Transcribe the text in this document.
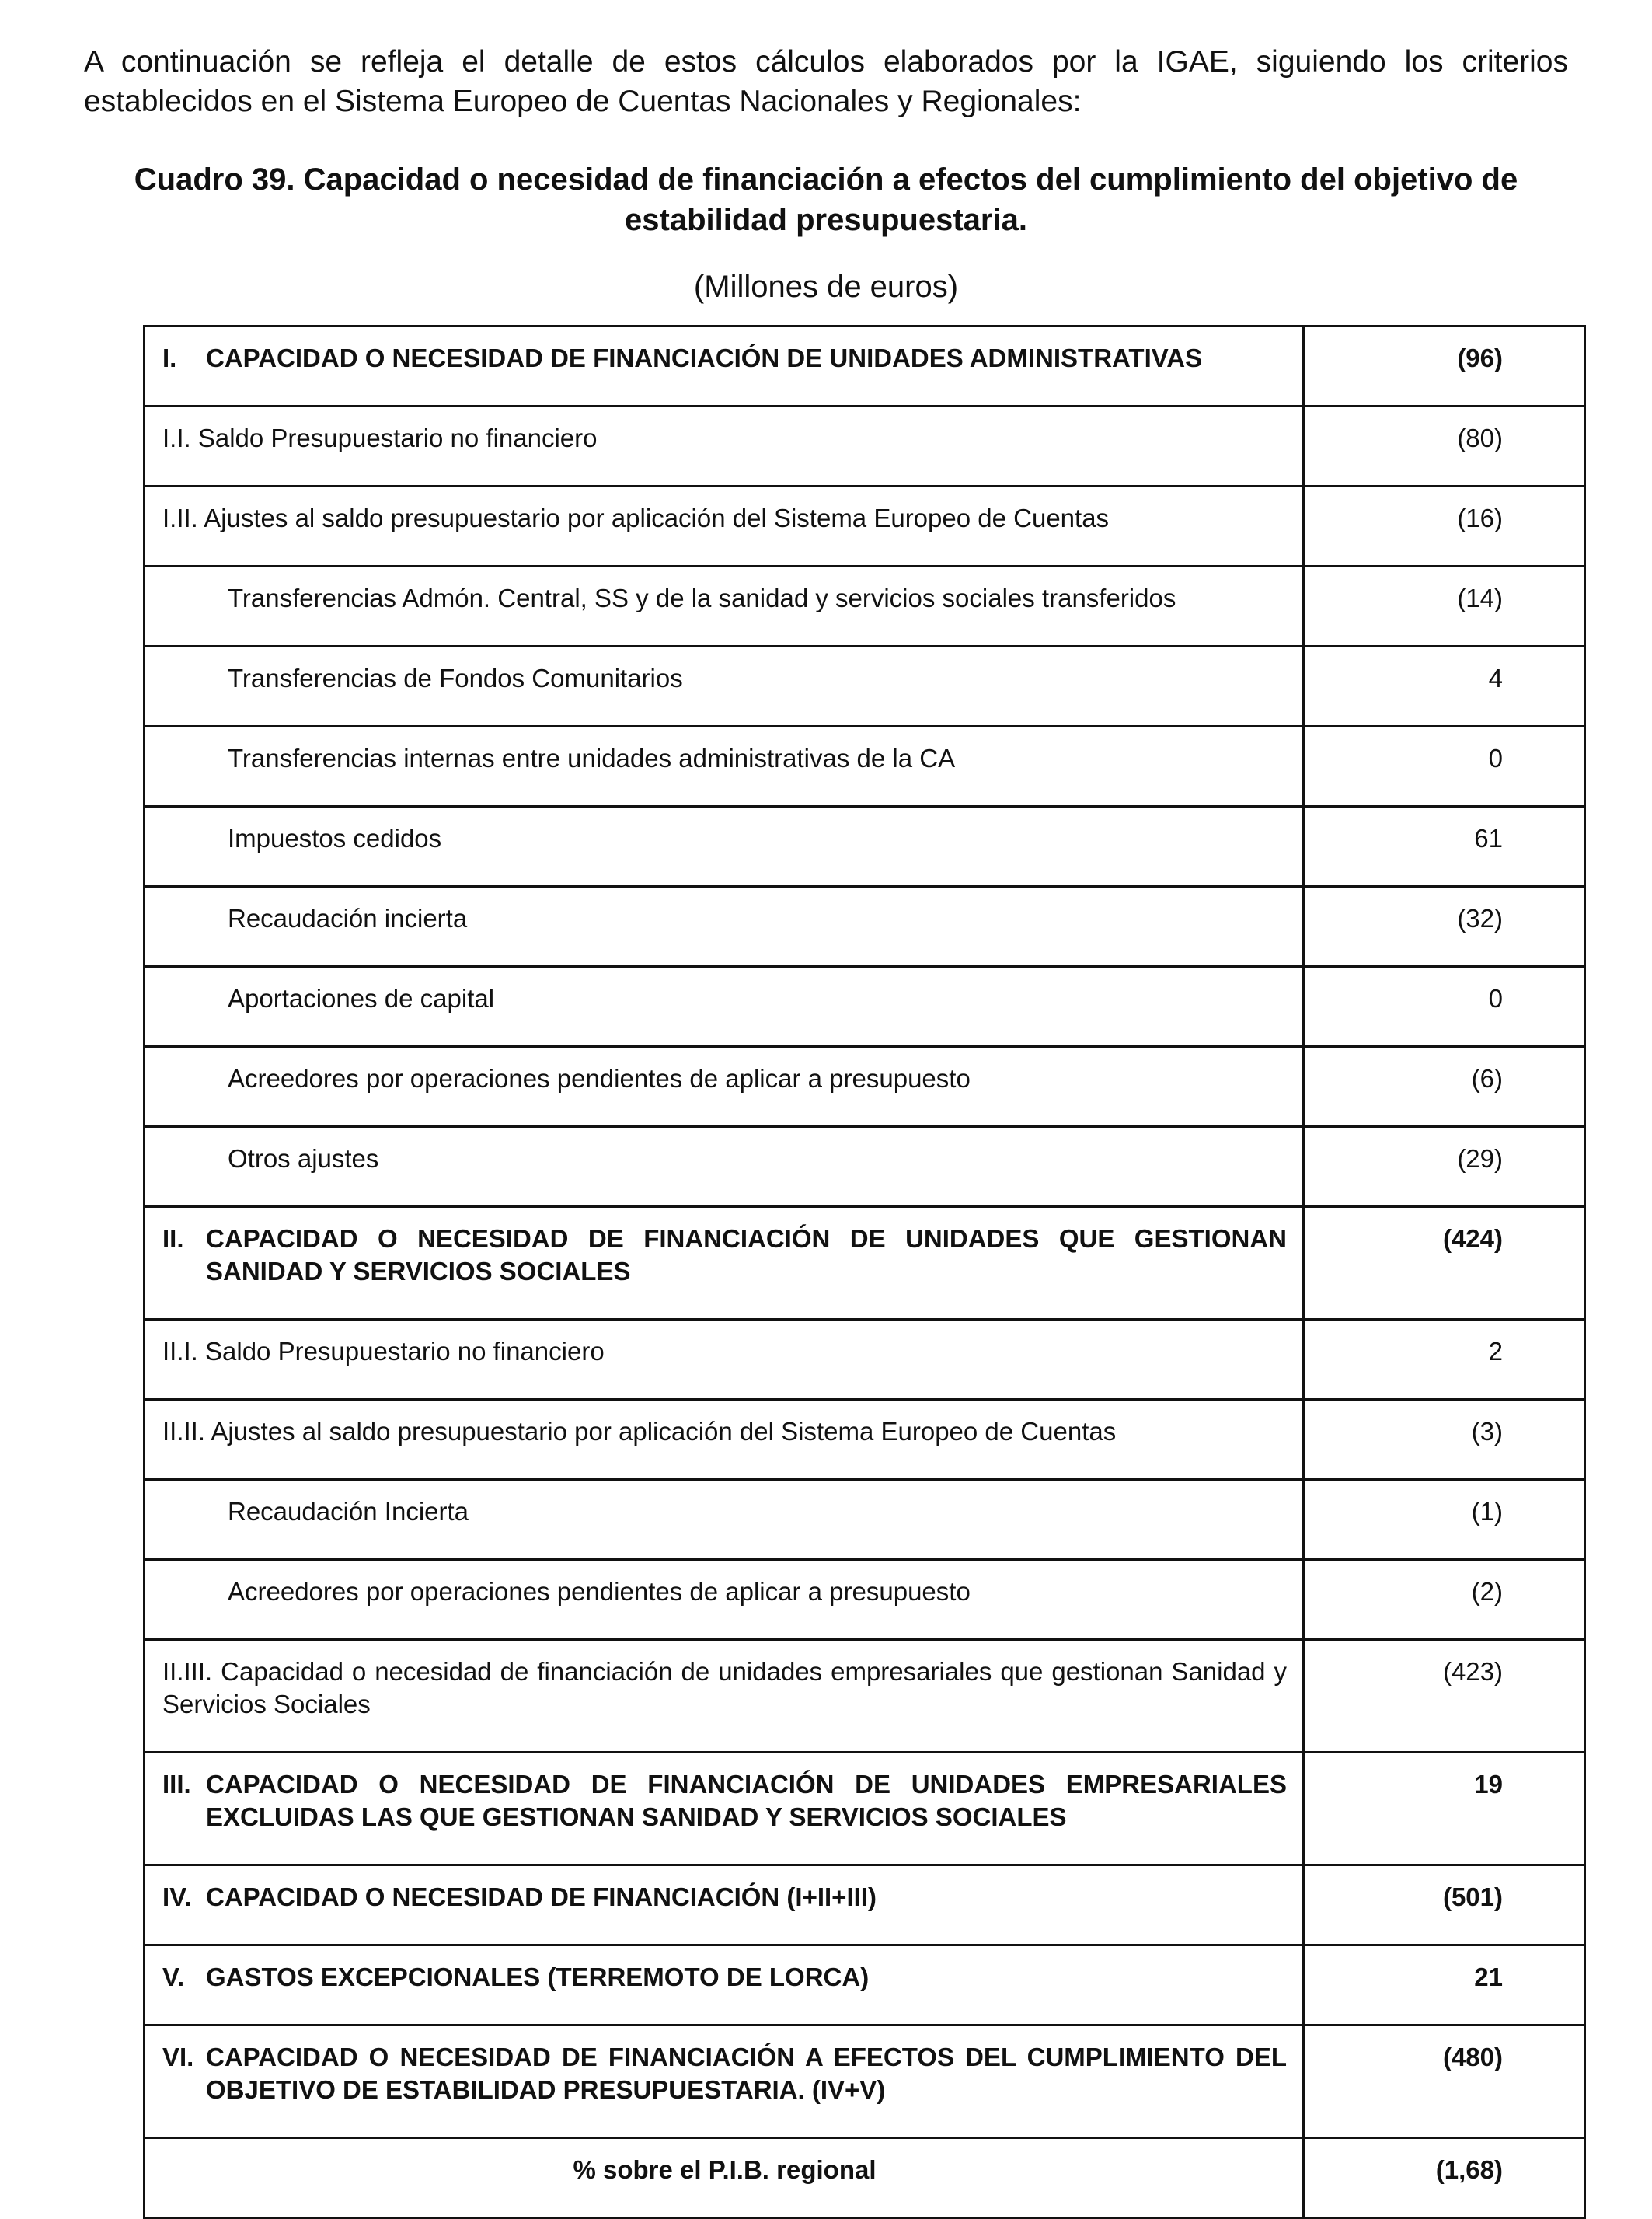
A continuación se refleja el detalle de estos cálculos elaborados por la IGAE, siguiendo los criterios establecidos en el Sistema Europeo de Cuentas Nacionales y Regionales:

Cuadro 39. Capacidad o necesidad de financiación a efectos del cumplimiento del objetivo de estabilidad presupuestaria.

(Millones de euros)

I. CAPACIDAD O NECESIDAD DE FINANCIACIÓN DE UNIDADES ADMINISTRATIVAS	(96)
I.I. Saldo Presupuestario no financiero	(80)
I.II. Ajustes al saldo presupuestario por aplicación del Sistema Europeo de Cuentas	(16)
Transferencias Admón. Central, SS y de la sanidad y servicios sociales transferidos	(14)
Transferencias de Fondos Comunitarios	4
Transferencias internas entre unidades administrativas de la CA	0
Impuestos cedidos	61
Recaudación incierta	(32)
Aportaciones de capital	0
Acreedores por operaciones pendientes de aplicar a presupuesto	(6)
Otros ajustes	(29)

II. CAPACIDAD O NECESIDAD DE FINANCIACIÓN DE UNIDADES QUE GESTIONAN SANIDAD Y SERVICIOS SOCIALES	(424)
II.I. Saldo Presupuestario no financiero	2
II.II. Ajustes al saldo presupuestario por aplicación del Sistema Europeo de Cuentas	(3)
Recaudación Incierta	(1)
Acreedores por operaciones pendientes de aplicar a presupuesto	(2)
II.III. Capacidad o necesidad de financiación de unidades empresariales que gestionan Sanidad y Servicios Sociales	(423)

III. CAPACIDAD O NECESIDAD DE FINANCIACIÓN DE UNIDADES EMPRESARIALES EXCLUIDAS LAS QUE GESTIONAN SANIDAD Y SERVICIOS SOCIALES	19

IV. CAPACIDAD O NECESIDAD DE FINANCIACIÓN (I+II+III)	(501)

V. GASTOS EXCEPCIONALES (TERREMOTO DE LORCA)	21

VI. CAPACIDAD O NECESIDAD DE FINANCIACIÓN A EFECTOS DEL CUMPLIMIENTO DEL OBJETIVO DE ESTABILIDAD PRESUPUESTARIA. (IV+V)	(480)
% sobre el P.I.B. regional	(1,68)
